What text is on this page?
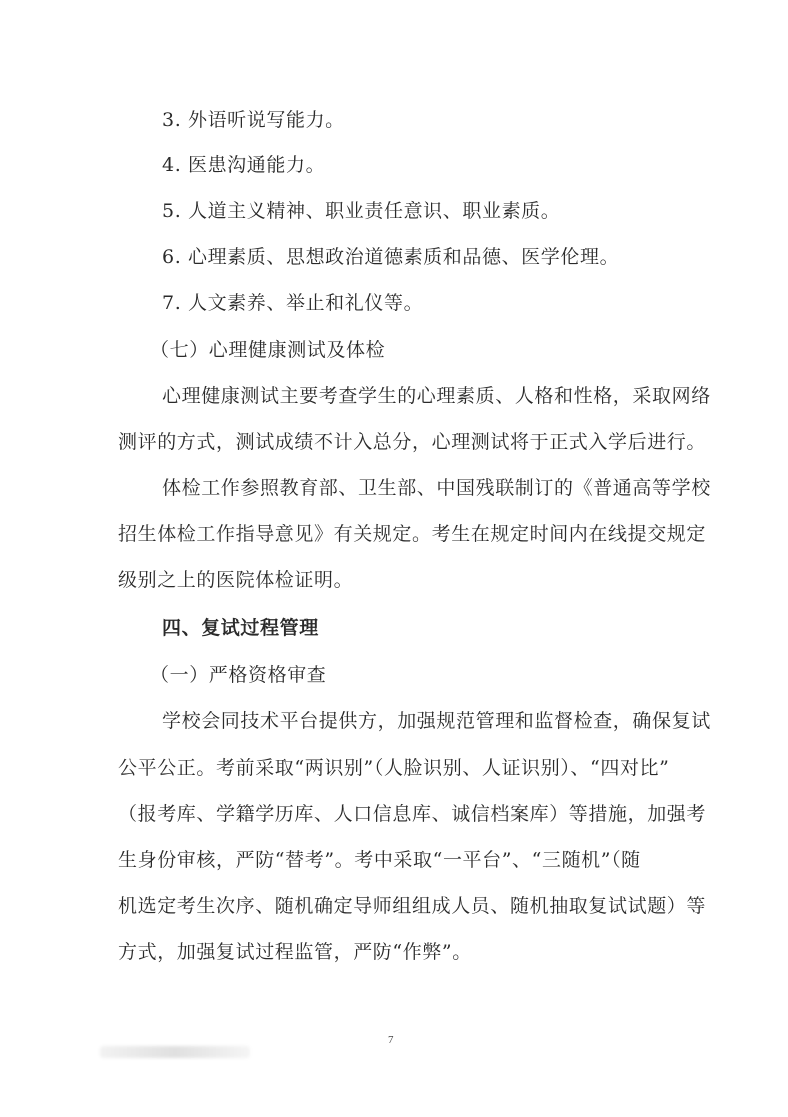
3. 外语听说写能力。
4. 医患沟通能力。
5. 人道主义精神、职业责任意识、职业素质。
6. 心理素质、思想政治道德素质和品德、医学伦理。
7. 人文素养、举止和礼仪等。
（七）心理健康测试及体检
心理健康测试主要考查学生的心理素质、人格和性格，采取网络
测评的方式，测试成绩不计入总分，心理测试将于正式入学后进行。
体检工作参照教育部、卫生部、中国残联制订的《普通高等学校
招生体检工作指导意见》有关规定。考生在规定时间内在线提交规定
级别之上的医院体检证明。
四、复试过程管理
（一）严格资格审查
学校会同技术平台提供方，加强规范管理和监督检查，确保复试
公平公正。考前采取“两识别”（人脸识别、人证识别）、“四对比”
（报考库、学籍学历库、人口信息库、诚信档案库）等措施，加强考
生身份审核，严防“替考”。考中采取“一平台”、“三随机”（随
机选定考生次序、随机确定导师组组成人员、随机抽取复试试题）等
方式，加强复试过程监管，严防“作弊”。
7
